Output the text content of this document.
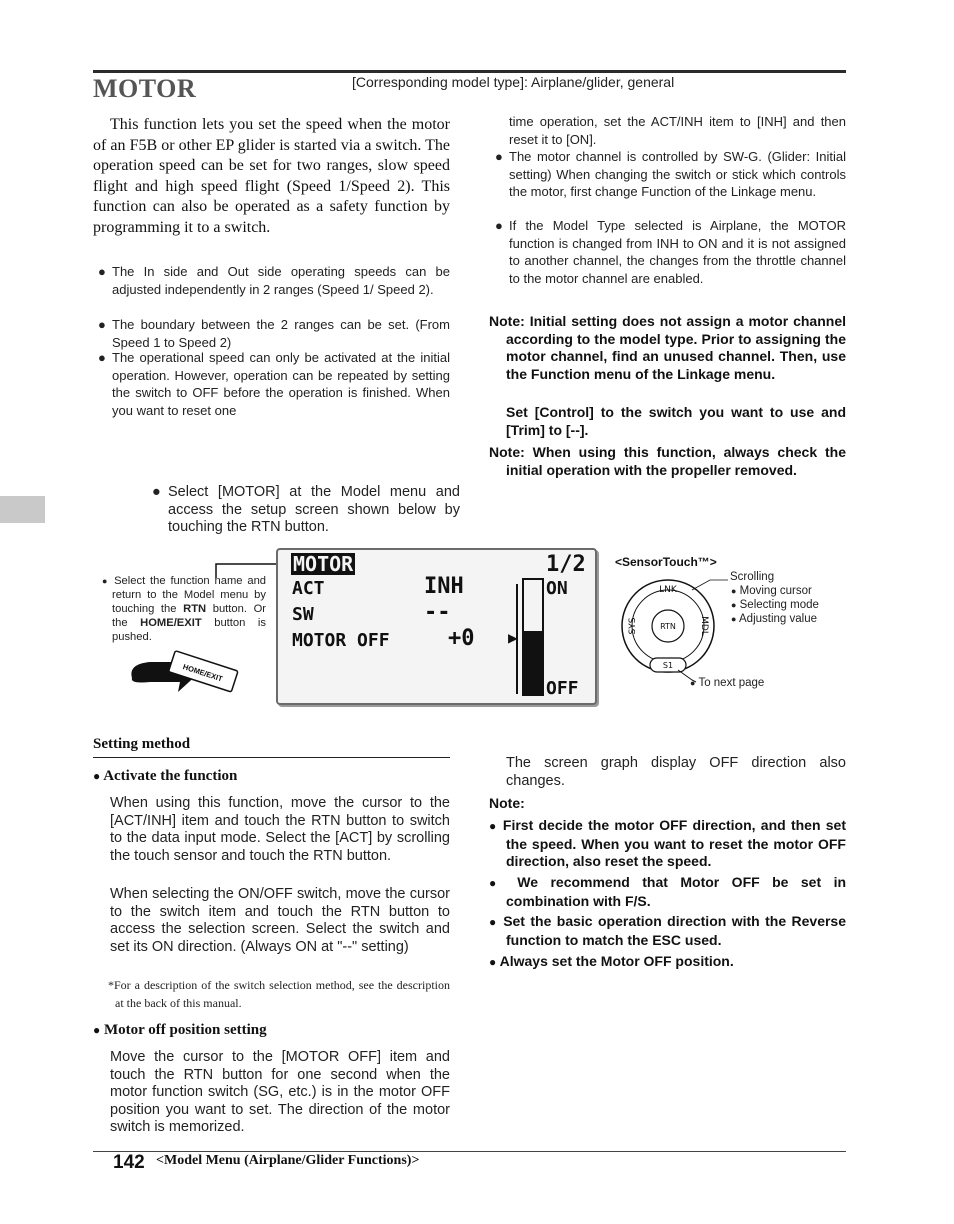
MOTOR	[Corresponding model type]: Airplane/glider, general

This function lets you set the speed when the motor of an F5B or other EP glider is started via a switch. The operation speed can be set for two ranges, slow speed flight and high speed flight (Speed 1/Speed 2). This function can also be operated as a safety function by programming it to a switch.

● The In side and Out side operating speeds can be adjusted independently in 2 ranges (Speed 1/ Speed 2).
● The boundary between the 2 ranges can be set. (From Speed 1 to Speed 2)
● The operational speed can only be activated at the initial operation. However, operation can be repeated by setting the switch to OFF before the operation is finished. When you want to reset one
time operation, set the ACT/INH item to [INH] and then reset it to [ON].
● The motor channel is controlled by SW-G. (Glider: Initial setting) When changing the switch or stick which controls the motor, first change Function of the Linkage menu.
● If the Model Type selected is Airplane, the MOTOR function is changed from INH to ON and it is not assigned to another channel, the changes from the throttle channel to the motor channel are enabled.
Note: Initial setting does not assign a motor channel according to the model type. Prior to assigning the motor channel, find an unused channel. Then, use the Function menu of the Linkage menu.
Set [Control] to the switch you want to use and [Trim] to [--].
Note: When using this function, always check the initial operation with the propeller removed.
● Select [MOTOR] at the Model menu and access the setup screen shown below by touching the RTN button.
● Select the function name and return to the Model menu by touching the RTN button. Or the HOME/EXIT button is pushed.
HOME/EXIT
MOTOR	1/2
ACT	INH
SW	--
MOTOR OFF	+0 ▶
ON
OFF
<SensorTouch™>
LNK
MDL
SYS	RTN
S1
Scrolling
● Moving cursor
● Selecting mode
● Adjusting value
● To next page
Setting method
● Activate the function

When using this function, move the cursor to the [ACT/INH] item and touch the RTN button to switch to the data input mode. Select the [ACT] by scrolling the touch sensor and touch the RTN button.

When selecting the ON/OFF switch, move the cursor to the switch item and touch the RTN button to access the selection screen. Select the switch and set its ON direction. (Always ON at "--" setting)

*For a description of the switch selection method, see the description at the back of this manual.

● Motor off position setting

Move the cursor to the [MOTOR OFF] item and touch the RTN button for one second when the motor function switch (SG, etc.) is in the motor OFF position you want to set. The direction of the motor switch is memorized.

The screen graph display OFF direction also changes.

Note:
● First decide the motor OFF direction, and then set the speed. When you want to reset the motor OFF direction, also reset the speed.
● We recommend that Motor OFF be set in combination with F/S.
● Set the basic operation direction with the Reverse function to match the ESC used.
● Always set the Motor OFF position.
142 <Model Menu (Airplane/Glider Functions)>
